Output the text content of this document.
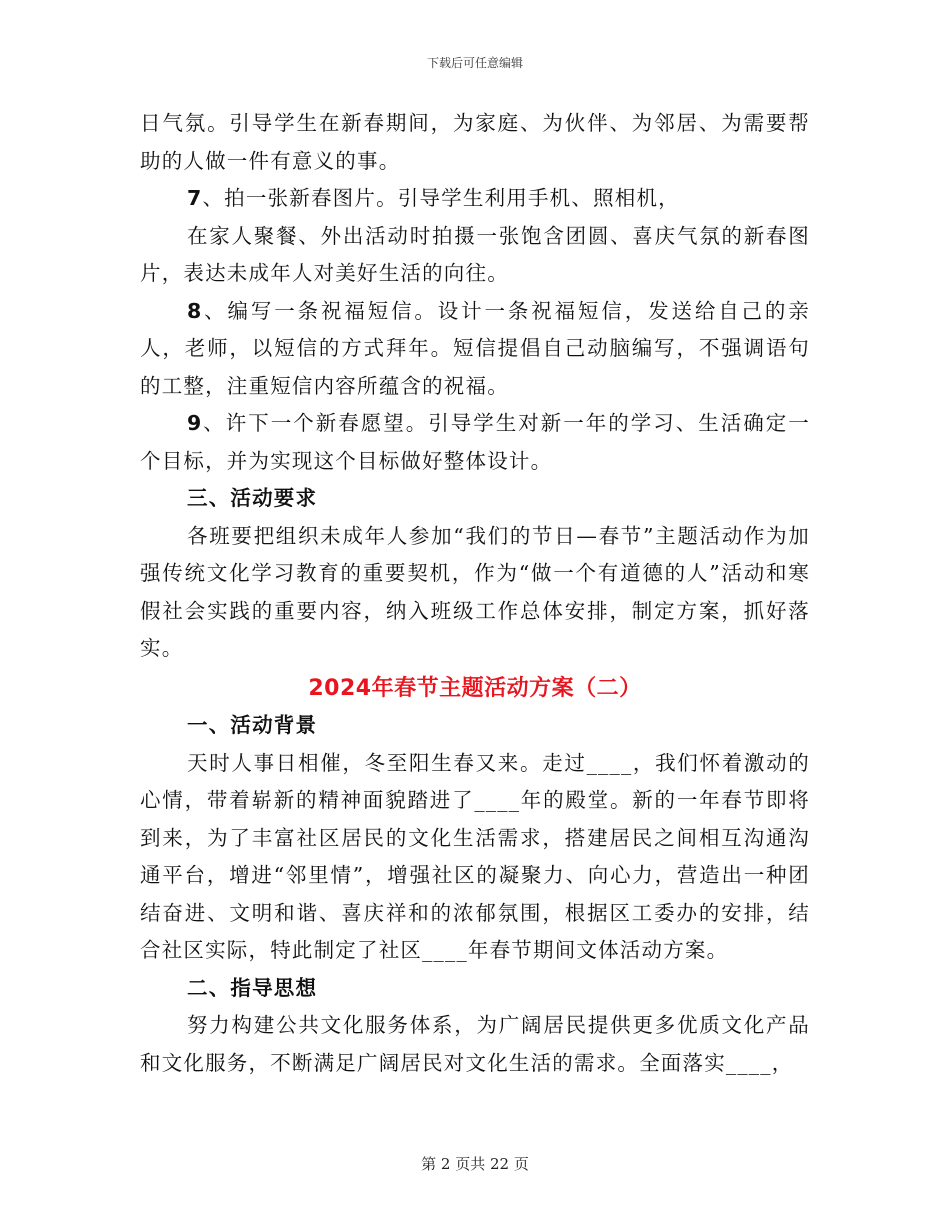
下载后可任意编辑

日气氛。引导学生在新春期间，为家庭、为伙伴、为邻居、为需要帮助的人做一件有意义的事。

7、拍一张新春图片。引导学生利用手机、照相机，

在家人聚餐、外出活动时拍摄一张饱含团圆、喜庆气氛的新春图片，表达未成年人对美好生活的向往。

8、编写一条祝福短信。设计一条祝福短信，发送给自己的亲人，老师，以短信的方式拜年。短信提倡自己动脑编写，不强调语句的工整，注重短信内容所蕴含的祝福。

9、许下一个新春愿望。引导学生对新一年的学习、生活确定一个目标，并为实现这个目标做好整体设计。

三、活动要求

各班要把组织未成年人参加“我们的节日—春节”主题活动作为加强传统文化学习教育的重要契机，作为“做一个有道德的人”活动和寒假社会实践的重要内容，纳入班级工作总体安排，制定方案，抓好落实。

2024年春节主题活动方案（二）

一、活动背景

天时人事日相催，冬至阳生春又来。走过____，我们怀着激动的心情，带着崭新的精神面貌踏进了____年的殿堂。新的一年春节即将到来，为了丰富社区居民的文化生活需求，搭建居民之间相互沟通沟通平台，增进“邻里情”，增强社区的凝聚力、向心力，营造出一种团结奋进、文明和谐、喜庆祥和的浓郁氛围，根据区工委办的安排，结合社区实际，特此制定了社区____年春节期间文体活动方案。

二、指导思想

努力构建公共文化服务体系，为广阔居民提供更多优质文化产品和文化服务，不断满足广阔居民对文化生活的需求。全面落实____，

第 2 页共 22 页
